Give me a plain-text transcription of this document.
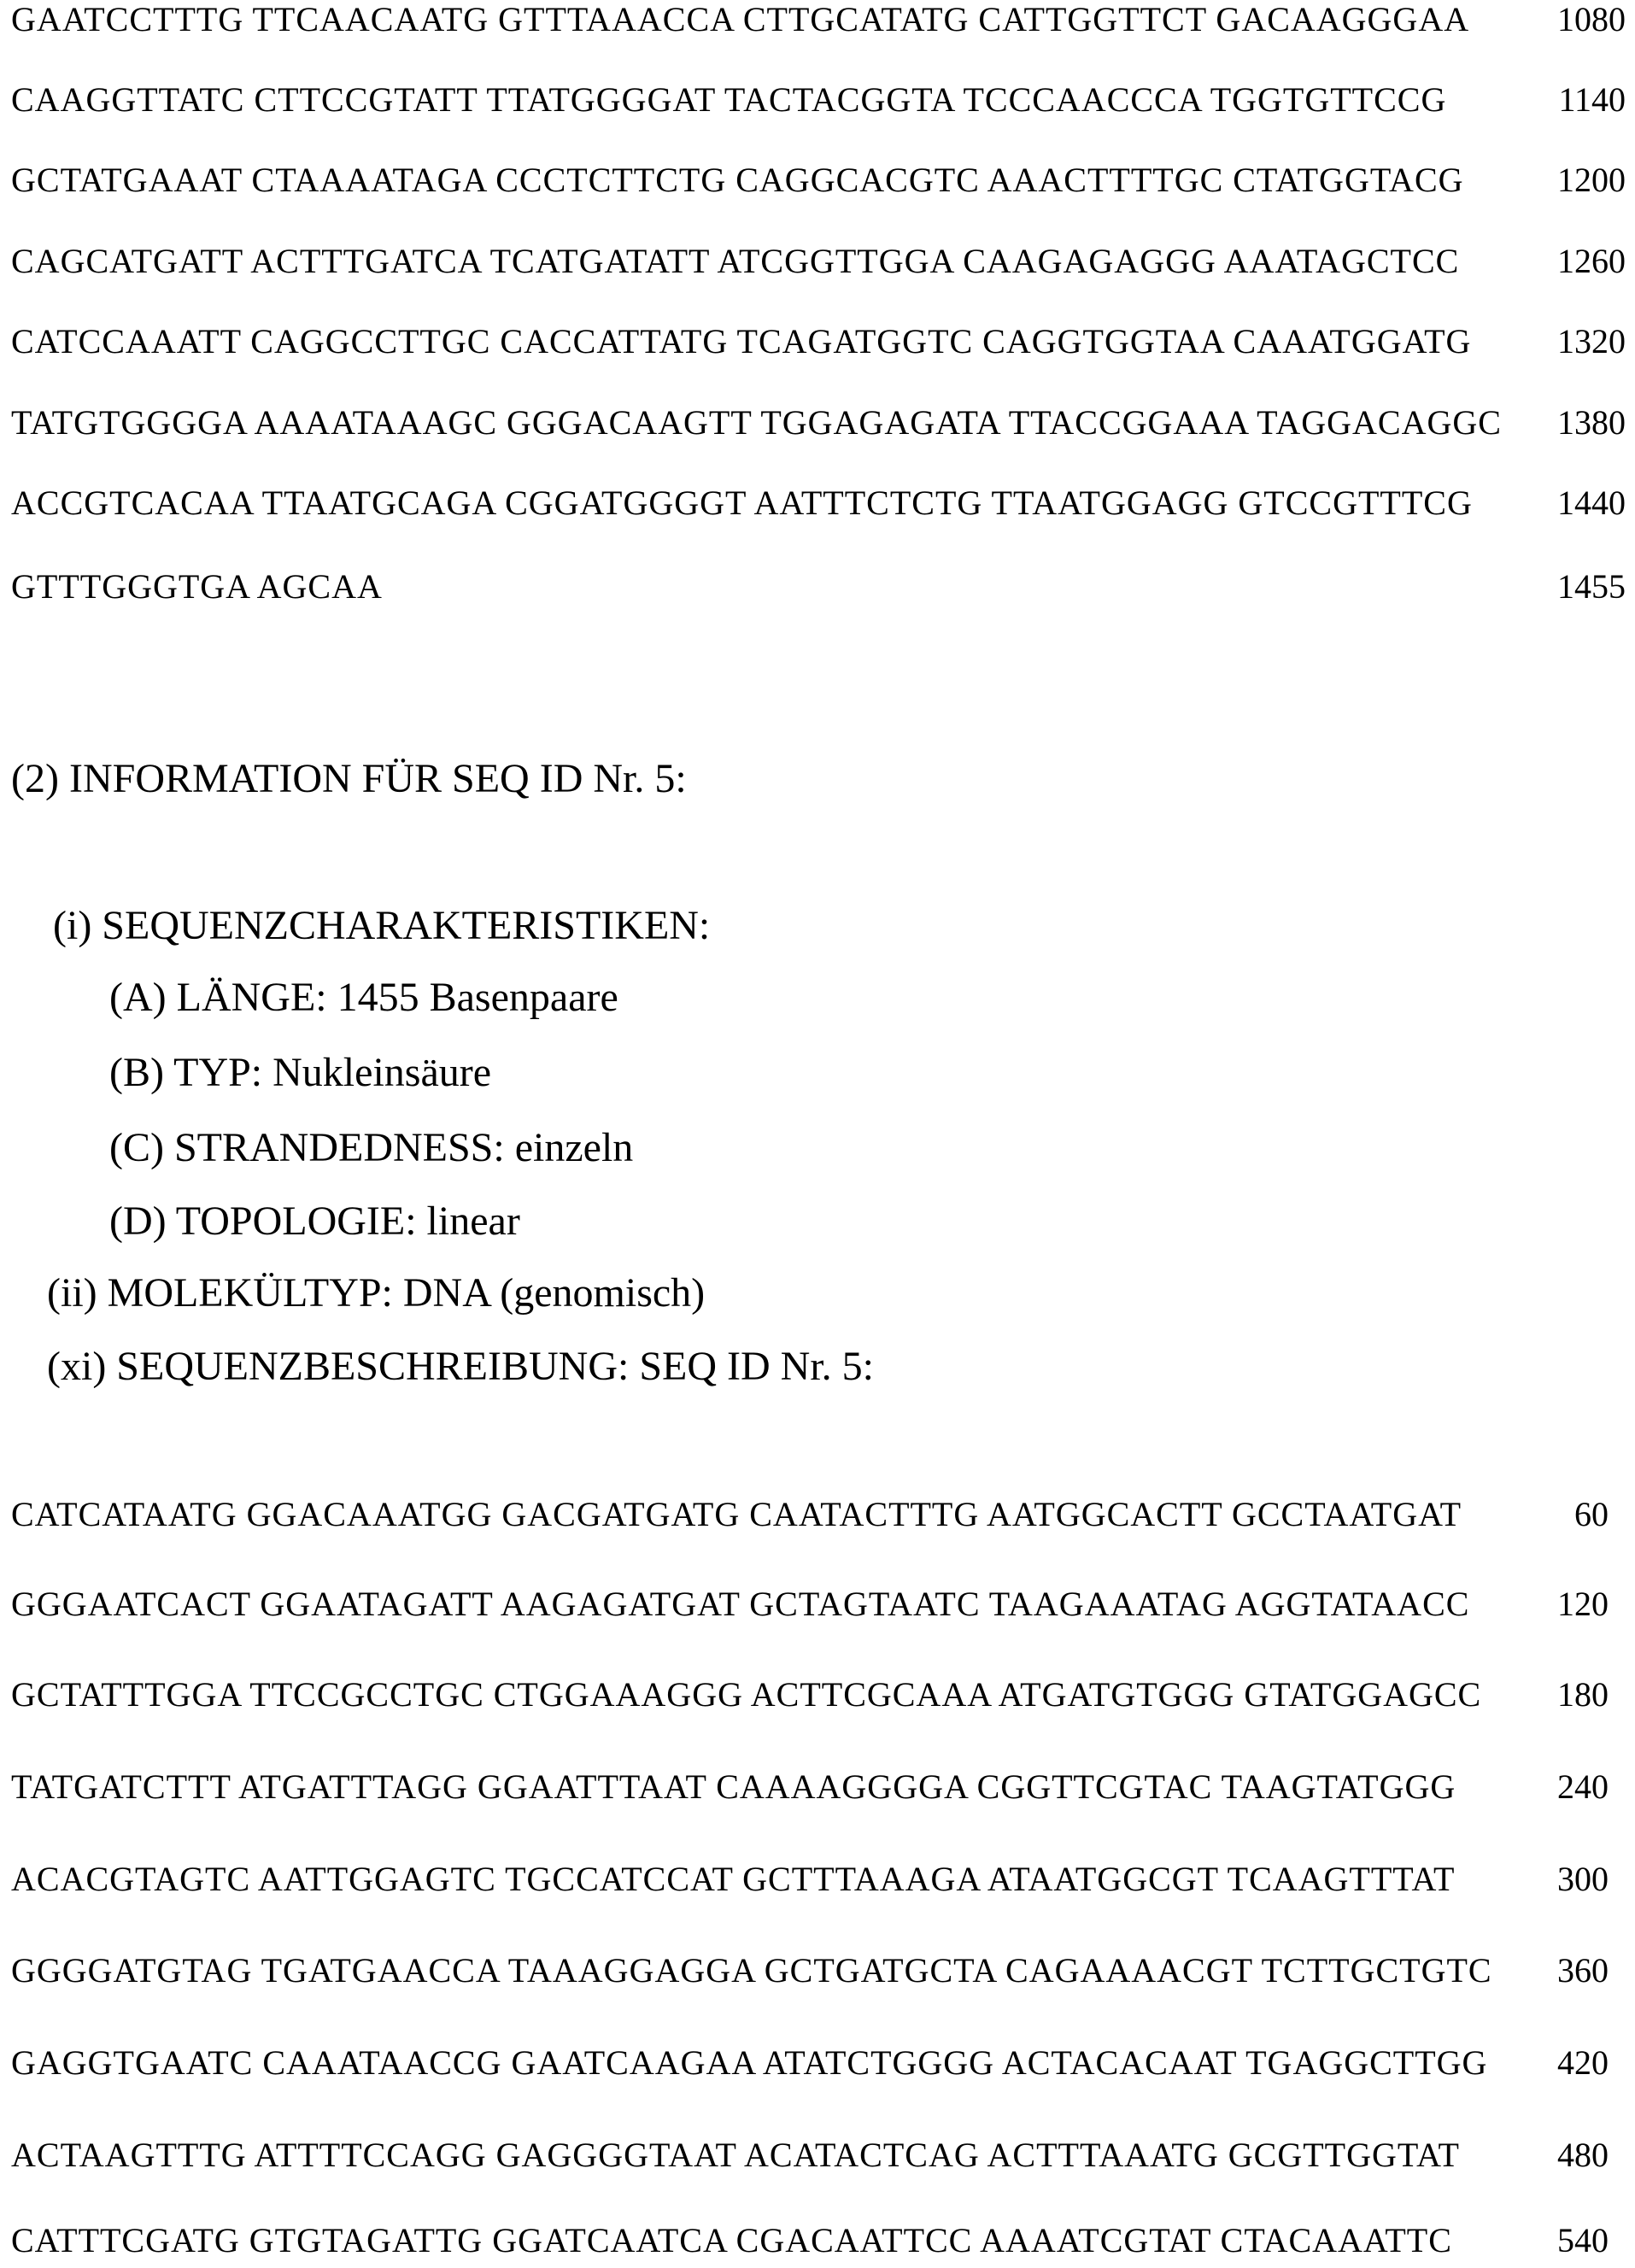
GAATCCTTTG TTCAACAATG GTTTAAACCA CTTGCATATG CATTGGTTCT GACAAGGGAA	1080
CAAGGTTATC CTTCCGTATT TTATGGGGAT TACTACGGTA TCCCAACCCA TGGTGTTCCG	1140
GCTATGAAAT CTAAAATAGA CCCTCTTCTG CAGGCACGTC AAACTTTTGC CTATGGTACG	1200
CAGCATGATT ACTTTGATCA TCATGATATT ATCGGTTGGA CAAGAGAGGG AAATAGCTCC	1260
CATCCAAATT CAGGCCTTGC CACCATTATG TCAGATGGTC CAGGTGGTAA CAAATGGATG	1320
TATGTGGGGA AAAATAAAGC GGGACAAGTT TGGAGAGATA TTACCGGAAA TAGGACAGGC 1380
ACCGTCACAA TTAATGCAGA CGGATGGGGT AATTTCTCTG TTAATGGAGG GTCCGTTTCG 1440
GTTTGGGTGA AGCAA	1455
(2) INFORMATION FÜR SEQ ID Nr. 5:
(i) SEQUENZCHARAKTERISTIKEN:
(A) LÄNGE: 1455 Basenpaare
(B) TYP: Nukleinsäure
(C) STRANDEDNESS: einzeln
(D) TOPOLOGIE: linear
(ii) MOLEKÜLTYP: DNA (genomisch)
(xi) SEQUENZBESCHREIBUNG: SEQ ID Nr. 5:
CATCATAATG GGACAAATGG GACGATGATG CAATACTTTG AATGGCACTT GCCTAATGAT	60
GGGAATCACT GGAATAGATT AAGAGATGAT GCTAGTAATC TAAGAAATAG AGGTATAACC	120
GCTATTTGGA TTCCGCCTGC CTGGAAAGGG ACTTCGCAAA ATGATGTGGG GTATGGAGCC 180
TATGATCTTT ATGATTTAGG GGAATTTAAT CAAAAGGGGA CGGTTCGTAC TAAGTATGGG	240
ACACGTAGTC AATTGGAGTC TGCCATCCAT GCTTTAAAGA ATAATGGCGT TCAAGTTTAT	300
GGGGATGTAG TGATGAACCA TAAAGGAGGA GCTGATGCTA CAGAAAACGT TCTTGCTGTC 360
GAGGTGAATC CAAATAACCG GAATCAAGAA ATATCTGGGG ACTACACAAT TGAGGCTTGG 420
ACTAAGTTTG ATTTTCCAGG GAGGGGTAAT ACATACTCAG ACTTTAAATG GCGTTGGTAT	480
CATTTCGATG GTGTAGATTG GGATCAATCA CGACAATTCC AAAATCGTAT CTACAAATTC	540
